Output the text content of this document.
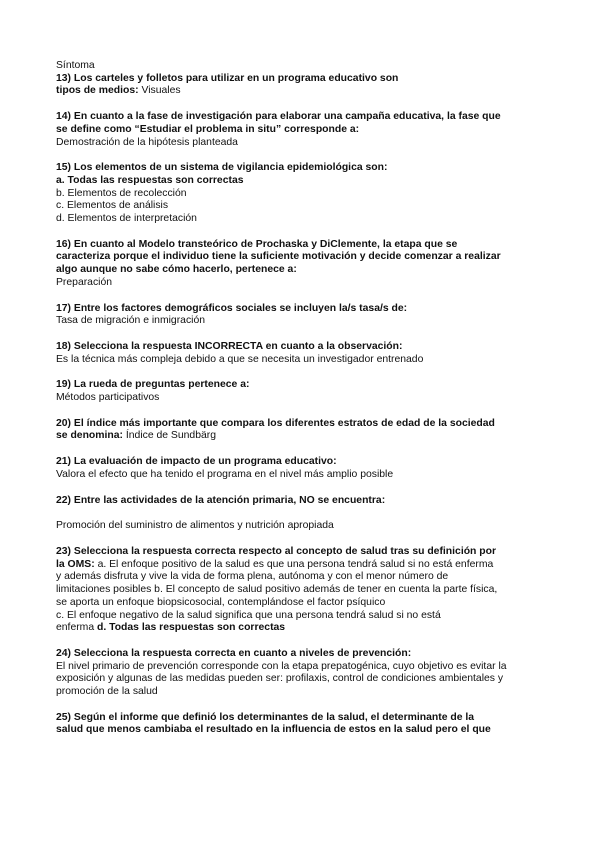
Síntoma
13) Los carteles y folletos para utilizar en un programa educativo son
tipos de medios: Visuales
14) En cuanto a la fase de investigación para elaborar una campaña educativa, la fase que
se define como “Estudiar el problema in situ” corresponde a:
Demostración de la hipótesis planteada
15) Los elementos de un sistema de vigilancia epidemiológica son:
a. Todas las respuestas son correctas
b. Elementos de recolección
c. Elementos de análisis
d. Elementos de interpretación
16) En cuanto al Modelo transteórico de Prochaska y DiClemente, la etapa que se
caracteriza porque el individuo tiene la suficiente motivación y decide comenzar a realizar
algo aunque no sabe cómo hacerlo, pertenece a:
Preparación
17) Entre los factores demográficos sociales se incluyen la/s tasa/s de:
Tasa de migración e inmigración
18) Selecciona la respuesta INCORRECTA en cuanto a la observación:
Es la técnica más compleja debido a que se necesita un investigador entrenado
19) La rueda de preguntas pertenece a:
Métodos participativos
20) El índice más importante que compara los diferentes estratos de edad de la sociedad
se denomina: Índice de Sundbärg
21) La evaluación de impacto de un programa educativo:
Valora el efecto que ha tenido el programa en el nivel más amplio posible
22) Entre las actividades de la atención primaria, NO se encuentra:
Promoción del suministro de alimentos y nutrición apropiada
23) Selecciona la respuesta correcta respecto al concepto de salud tras su definición por
la OMS: a. El enfoque positivo de la salud es que una persona tendrá salud si no está enferma
y además disfruta y vive la vida de forma plena, autónoma y con el menor número de
limitaciones posibles b. El concepto de salud positivo además de tener en cuenta la parte física,
se aporta un enfoque biopsicosocial, contemplándose el factor psíquico
c. El enfoque negativo de la salud significa que una persona tendrá salud si no está
enferma d. Todas las respuestas son correctas
24) Selecciona la respuesta correcta en cuanto a niveles de prevención:
El nivel primario de prevención corresponde con la etapa prepatogénica, cuyo objetivo es evitar la
exposición y algunas de las medidas pueden ser: profilaxis, control de condiciones ambientales y
promoción de la salud
25) Según el informe que definió los determinantes de la salud, el determinante de la
salud que menos cambiaba el resultado en la influencia de estos en la salud pero el que
